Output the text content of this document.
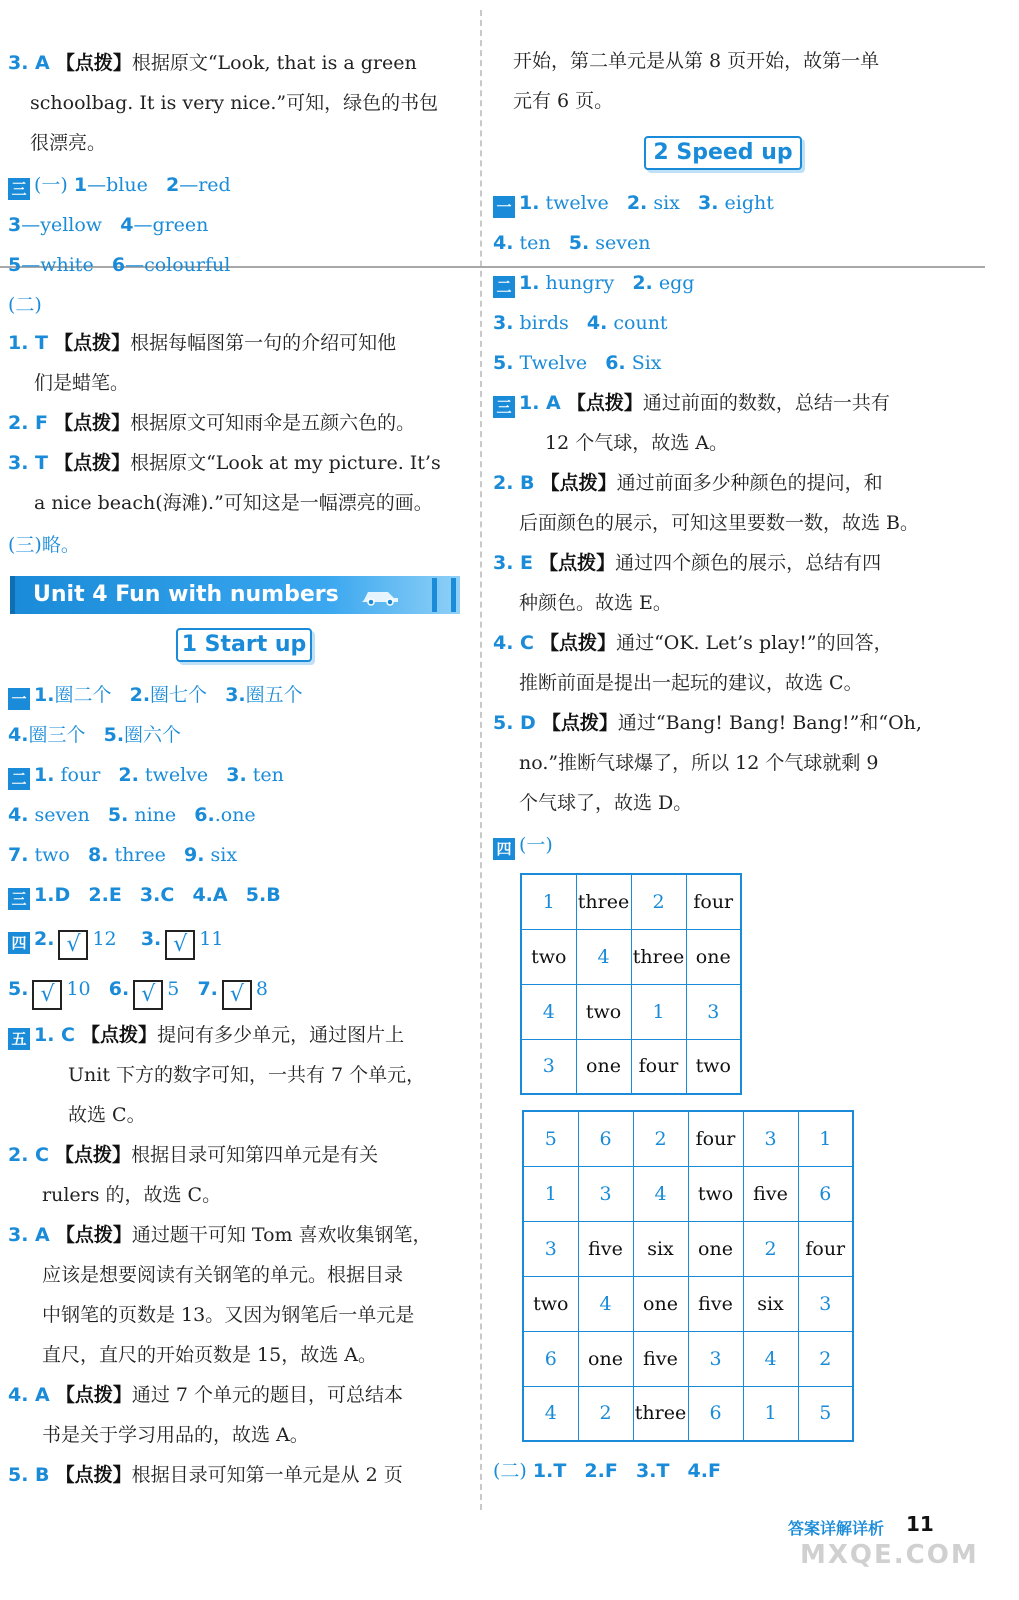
3. A 【点拨】根据原文“Look, that is a green
schoolbag. It is very nice.”可知，绿色的书包
很漂亮。
三 (一) 1—blue 2—red
3—yellow 4—green
5—white 6—colourful
(二)
1. T 【点拨】根据每幅图第一句的介绍可知他
们是蜡笔。
2. F 【点拨】根据原文可知雨伞是五颜六色的。
3. T 【点拨】根据原文“Look at my picture. It’s
a nice beach(海滩).”可知这是一幅漂亮的画。
(三)略。
Unit 4 Fun with numbers
1 Start up
一 1.圈二个 2.圈七个 3.圈五个
4.圈三个 5.圈六个
二 1. four 2. twelve 3. ten
4. seven 5. nine 6..one
7. two 8. three 9. six
三 1.D 2.E 3.C 4.A 5.B
四 2. √ 12 3. √ 11
5. √ 10 6. √ 5 7. √ 8
五 1. C 【点拨】提问有多少单元，通过图片上
Unit 下方的数字可知，一共有 7 个单元，
故选 C。
2. C 【点拨】根据目录可知第四单元是有关
rulers 的，故选 C。
3. A 【点拨】通过题干可知 Tom 喜欢收集钢笔，
应该是想要阅读有关钢笔的单元。根据目录
中钢笔的页数是 13。又因为钢笔后一单元是
直尺，直尺的开始页数是 15，故选 A。
4. A 【点拨】通过 7 个单元的题目，可总结本
书是关于学习用品的，故选 A。
5. B 【点拨】根据目录可知第一单元是从 2 页
开始，第二单元是从第 8 页开始，故第一单
元有 6 页。
一 1. twelve 2. six 3. eight
4. ten 5. seven
二 1. hungry 2. egg
3. birds 4. count
5. Twelve 6. Six
三 1. A 【点拨】通过前面的数数，总结一共有
12 个气球，故选 A。
2. B 【点拨】通过前面多少种颜色的提问，和
后面颜色的展示，可知这里要数一数，故选 B。
3. E 【点拨】通过四个颜色的展示，总结有四
种颜色。故选 E。
4. C 【点拨】通过“OK. Let’s play!”的回答，
推断前面是提出一起玩的建议，故选 C。
5. D 【点拨】通过“Bang! Bang! Bang!”和“Oh,
no.”推断气球爆了，所以 12 个气球就剩 9
个气球了，故选 D。
四 (一)
(二) 1.T 2.F 3.T 4.F
2 Speed up
1	three	2	four
two	4	three	one
4	two	1	3
3	one	four	two
5	6	2	four	3	1
1	3	4	two	five	6
3	five	six	one	2	four
two	4	one	five	six	3
6	one	five	3	4	2
4	2	three	6	1	5
答案详解详析 11
MXQE.COM
